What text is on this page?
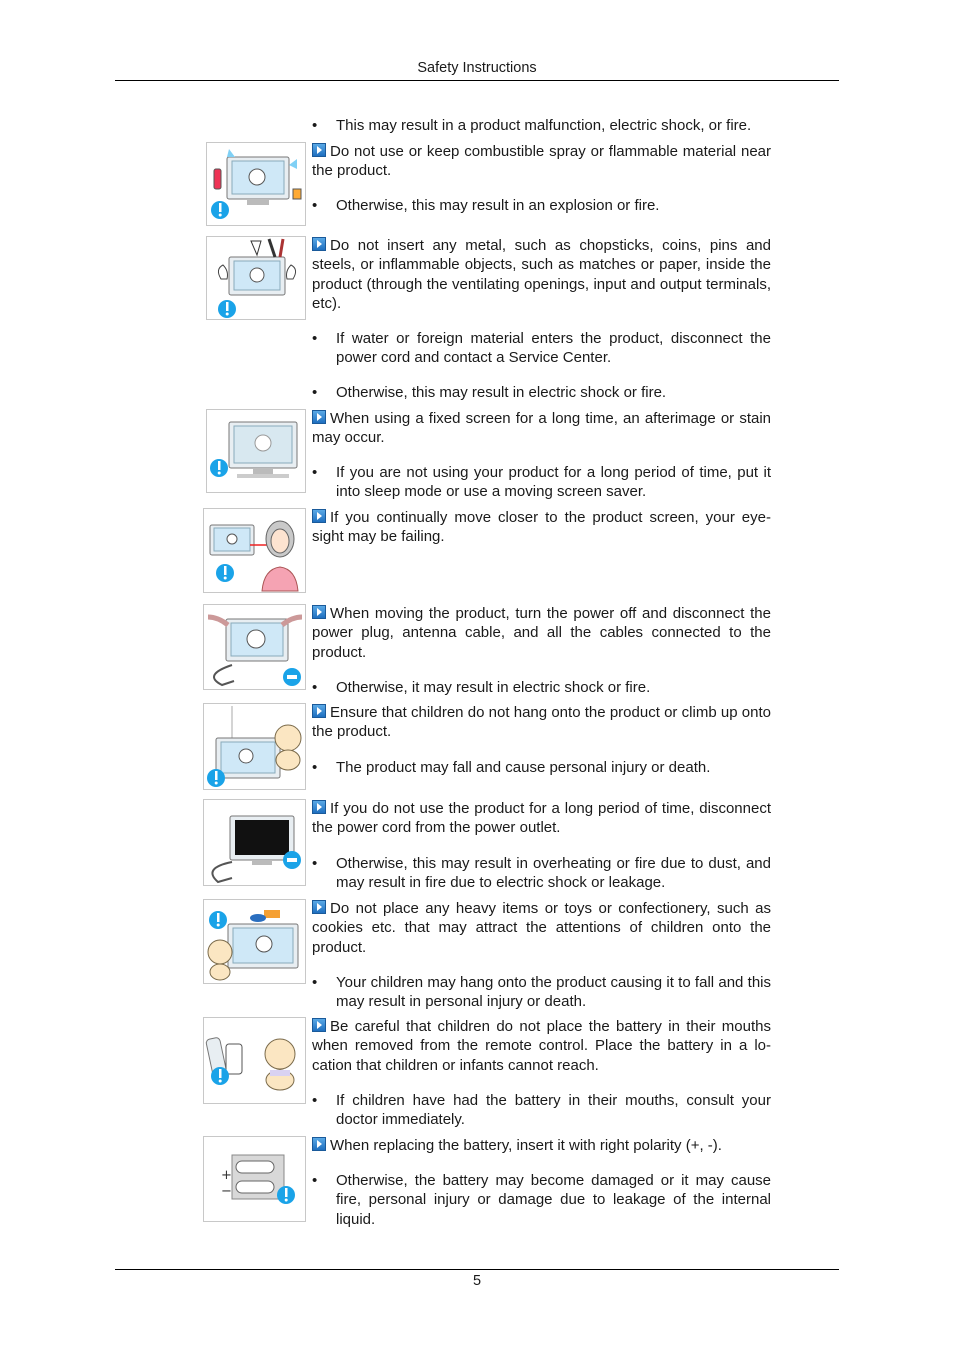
Safety Instructions
• This may result in a product malfunction, electric shock, or fire.
Do not use or keep combustible spray or flammable material near the product.
• Otherwise, this may result in an explosion or fire.
Do not insert any metal, such as chopsticks, coins, pins and steels, or inflammable objects, such as matches or paper, inside the product (through the ventilating openings, input and output terminals, etc).
• If water or foreign material enters the product, disconnect the power cord and contact a Service Center.
• Otherwise, this may result in electric shock or fire.
When using a fixed screen for a long time, an afterimage or stain may occur.
• If you are not using your product for a long period of time, put it into sleep mode or use a moving screen saver.
If you continually move closer to the product screen, your eye-sight may be failing.
When moving the product, turn the power off and disconnect the power plug, antenna cable, and all the cables connected to the product.
• Otherwise, it may result in electric shock or fire.
Ensure that children do not hang onto the product or climb up onto the product.
• The product may fall and cause personal injury or death.
If you do not use the product for a long period of time, disconnect the power cord from the power outlet.
• Otherwise, this may result in overheating or fire due to dust, and may result in fire due to electric shock or leakage.
Do not place any heavy items or toys or confectionery, such as cookies etc. that may attract the attentions of children onto the product.
• Your children may hang onto the product causing it to fall and this may result in personal injury or death.
Be careful that children do not place the battery in their mouths when removed from the remote control. Place the battery in a lo-cation that children or infants cannot reach.
• If children have had the battery in their mouths, consult your doctor immediately.
When replacing the battery, insert it with right polarity (+, -).
• Otherwise, the battery may become damaged or it may cause fire, personal injury or damage due to leakage of the internal liquid.
+
−
5
